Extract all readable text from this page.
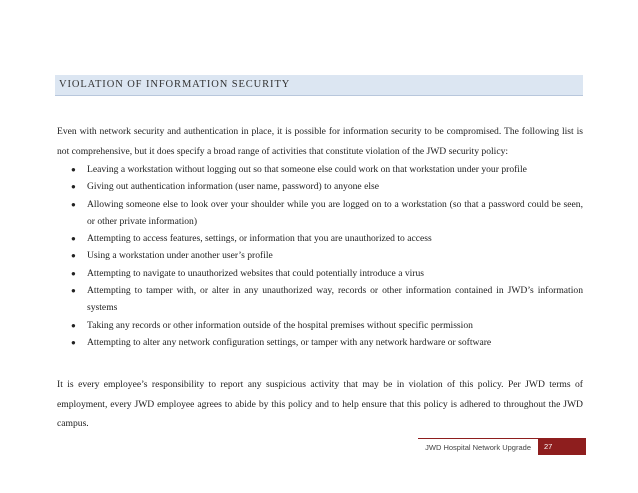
VIOLATION OF INFORMATION SECURITY

Even with network security and authentication in place, it is possible for information security to be compromised. The following list is not comprehensive, but it does specify a broad range of activities that constitute violation of the JWD security policy:

● Leaving a workstation without logging out so that someone else could work on that workstation under your profile
● Giving out authentication information (user name, password) to anyone else
● Allowing someone else to look over your shoulder while you are logged on to a workstation (so that a password could be seen, or other private information)
● Attempting to access features, settings, or information that you are unauthorized to access
● Using a workstation under another user’s profile
● Attempting to navigate to unauthorized websites that could potentially introduce a virus
● Attempting to tamper with, or alter in any unauthorized way, records or other information contained in JWD’s information systems
● Taking any records or other information outside of the hospital premises without specific permission
● Attempting to alter any network configuration settings, or tamper with any network hardware or software

It is every employee’s responsibility to report any suspicious activity that may be in violation of this policy. Per JWD terms of employment, every JWD employee agrees to abide by this policy and to help ensure that this policy is adhered to throughout the JWD campus.

JWD Hospital Network Upgrade	27
